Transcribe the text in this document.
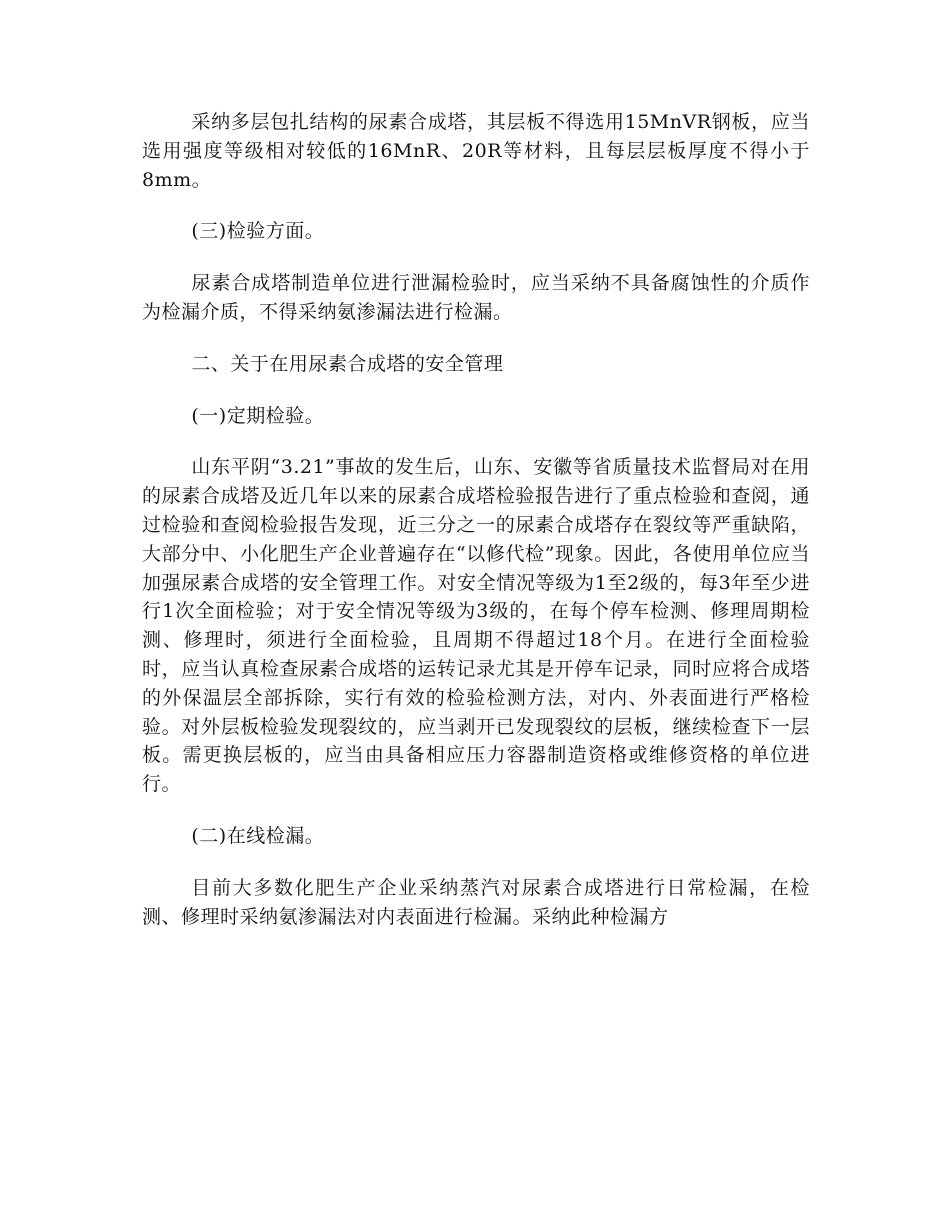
采纳多层包扎结构的尿素合成塔，其层板不得选用15MnVR钢板，应当选用强度等级相对较低的16MnR、20R等材料，且每层层板厚度不得小于8mm。

(三)检验方面。

尿素合成塔制造单位进行泄漏检验时，应当采纳不具备腐蚀性的介质作为检漏介质，不得采纳氨渗漏法进行检漏。

二、关于在用尿素合成塔的安全管理

(一)定期检验。

山东平阴“3.21”事故的发生后，山东、安徽等省质量技术监督局对在用的尿素合成塔及近几年以来的尿素合成塔检验报告进行了重点检验和查阅，通过检验和查阅检验报告发现，近三分之一的尿素合成塔存在裂纹等严重缺陷，大部分中、小化肥生产企业普遍存在“以修代检”现象。因此，各使用单位应当加强尿素合成塔的安全管理工作。对安全情况等级为1至2级的，每3年至少进行1次全面检验；对于安全情况等级为3级的，在每个停车检测、修理周期检测、修理时，须进行全面检验，且周期不得超过18个月。在进行全面检验时，应当认真检查尿素合成塔的运转记录尤其是开停车记录，同时应将合成塔的外保温层全部拆除，实行有效的检验检测方法，对内、外表面进行严格检验。对外层板检验发现裂纹的，应当剥开已发现裂纹的层板，继续检查下一层板。需更换层板的，应当由具备相应压力容器制造资格或维修资格的单位进行。

(二)在线检漏。

目前大多数化肥生产企业采纳蒸汽对尿素合成塔进行日常检漏，在检测、修理时采纳氨渗漏法对内表面进行检漏。采纳此种检漏方
